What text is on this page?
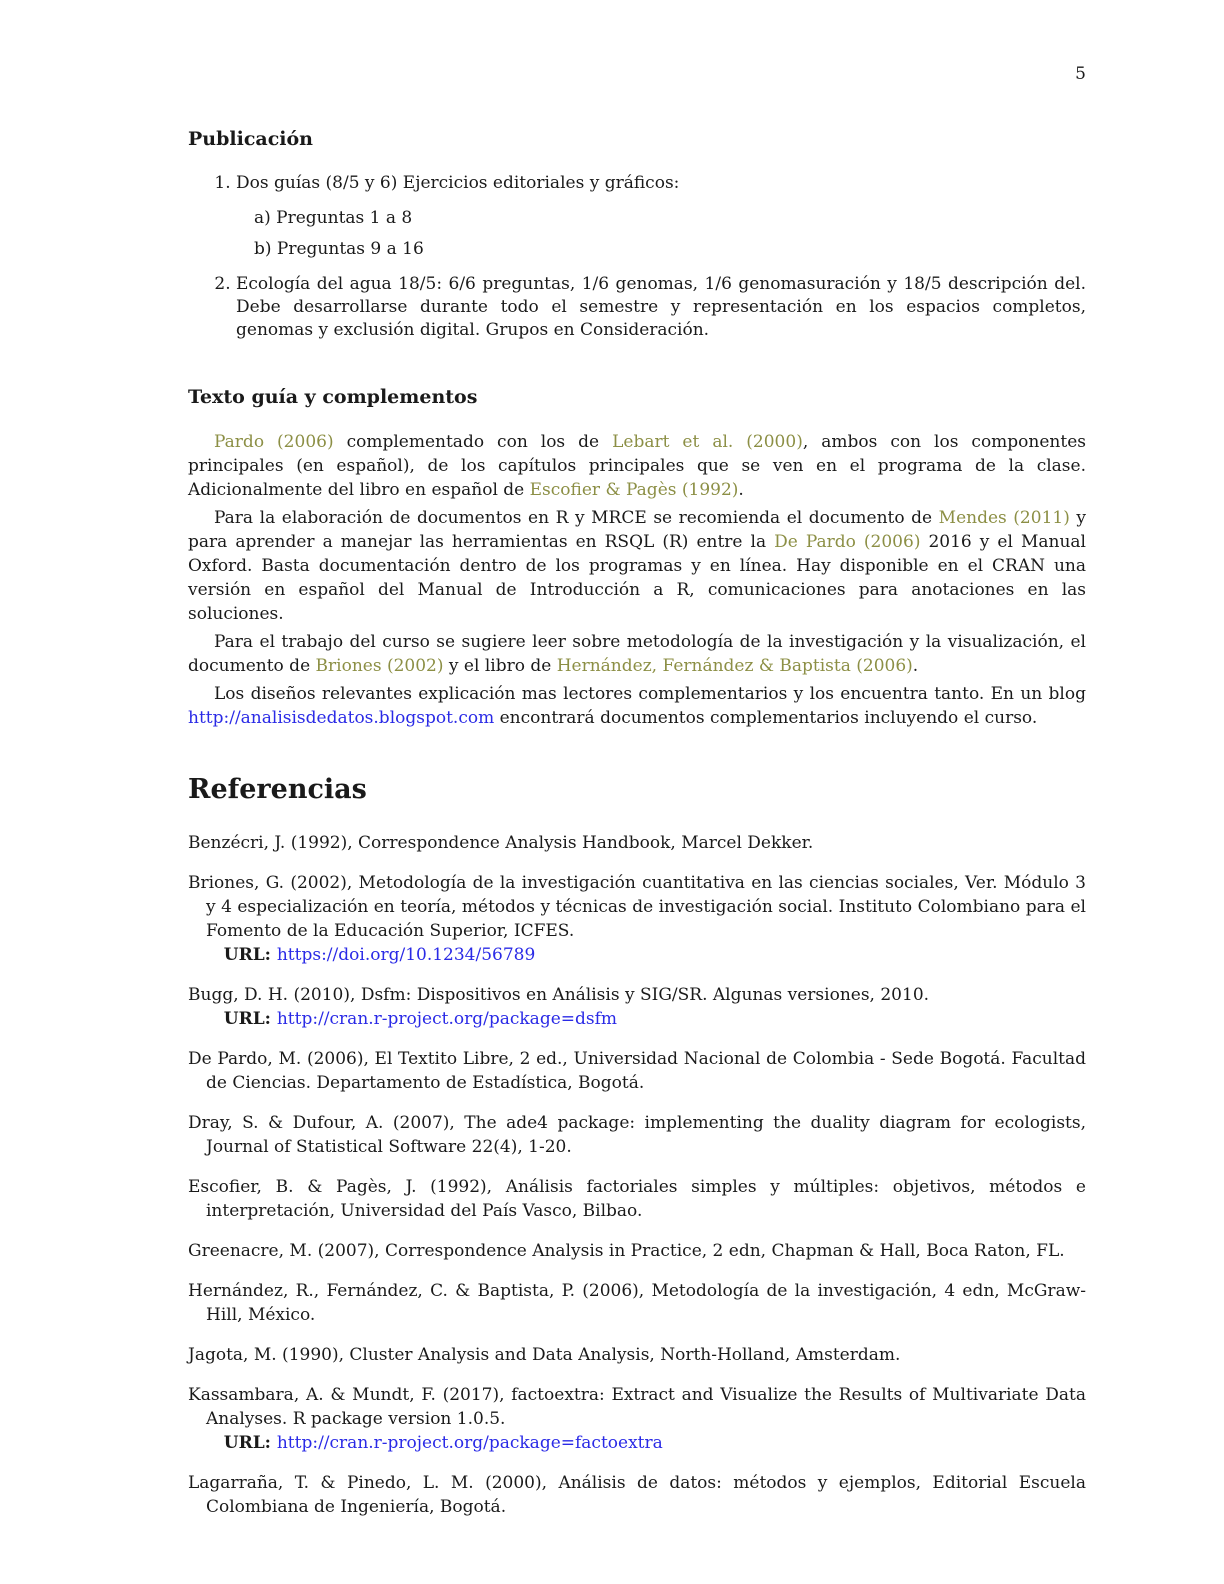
5
Publicación
1. Dos guías (8/5 y 6) Ejercicios editoriales y gráficos:
a) Preguntas 1 a 8
b) Preguntas 9 a 16
2. Ecología del agua 18/5: 6/6 preguntas, 1/6 genomas, 1/6 genomasuración y 18/5 descripción del. Debe desarrollarse durante todo el semestre y representación en los espacios completos, genomas y exclusión digital. Grupos en Consideración.
Texto guía y complementos

Pardo (2006) complementado con los de Lebart et al. (2000), ambos con los componentes principales (en español), de los capítulos principales que se ven en el programa de la clase. Adicionalmente del libro en español de Escofier & Pagès (1992).

Para la elaboración de documentos en R y MRCE se recomienda el documento de Mendes (2011) y para aprender a manejar las herramientas en RSQL (R) entre la De Pardo (2006) 2016 y el Manual Oxford. Basta documentación dentro de los programas y en línea. Hay disponible en el CRAN una versión en español del Manual de Introducción a R, comunicaciones para anotaciones en las soluciones.

Para el trabajo del curso se sugiere leer sobre metodología de la investigación y la visualización, el documento de Briones (2002) y el libro de Hernández, Fernández & Baptista (2006).

Los diseños relevantes explicación mas lectores complementarios y los encuentra tanto. En un blog http://analisisdedatos.blogspot.com encontrará documentos complementarios incluyendo el curso.

Referencias

Benzécri, J. (1992), Correspondence Analysis Handbook, Marcel Dekker.

Briones, G. (2002), Metodología de la investigación cuantitativa en las ciencias sociales, Ver. Módulo 3 y 4 especialización en teoría, métodos y técnicas de investigación social. Instituto Colombiano para el Fomento de la Educación Superior, ICFES.
URL: https://doi.org/10.1234/56789

Bugg, D. H. (2010), Dsfm: Dispositivos en Análisis y SIG/SR. Algunas versiones, 2010.
URL: http://cran.r-project.org/package=dsfm

De Pardo, M. (2006), El Textito Libre, 2 ed., Universidad Nacional de Colombia - Sede Bogotá. Facultad de Ciencias. Departamento de Estadística, Bogotá.

Dray, S. & Dufour, A. (2007), The ade4 package: implementing the duality diagram for ecologists, Journal of Statistical Software 22(4), 1-20.

Escofier, B. & Pagès, J. (1992), Análisis factoriales simples y múltiples: objetivos, métodos e interpretación, Universidad del País Vasco, Bilbao.

Greenacre, M. (2007), Correspondence Analysis in Practice, 2 edn, Chapman & Hall, Boca Raton, FL.

Hernández, R., Fernández, C. & Baptista, P. (2006), Metodología de la investigación, 4 edn, McGraw-Hill, México.

Jagota, M. (1990), Cluster Analysis and Data Analysis, North-Holland, Amsterdam.

Kassambara, A. & Mundt, F. (2017), factoextra: Extract and Visualize the Results of Multivariate Data Analyses. R package version 1.0.5.
URL: http://cran.r-project.org/package=factoextra

Lagarraña, T. & Pinedo, L. M. (2000), Análisis de datos: métodos y ejemplos, Editorial Escuela Colombiana de Ingeniería, Bogotá.
